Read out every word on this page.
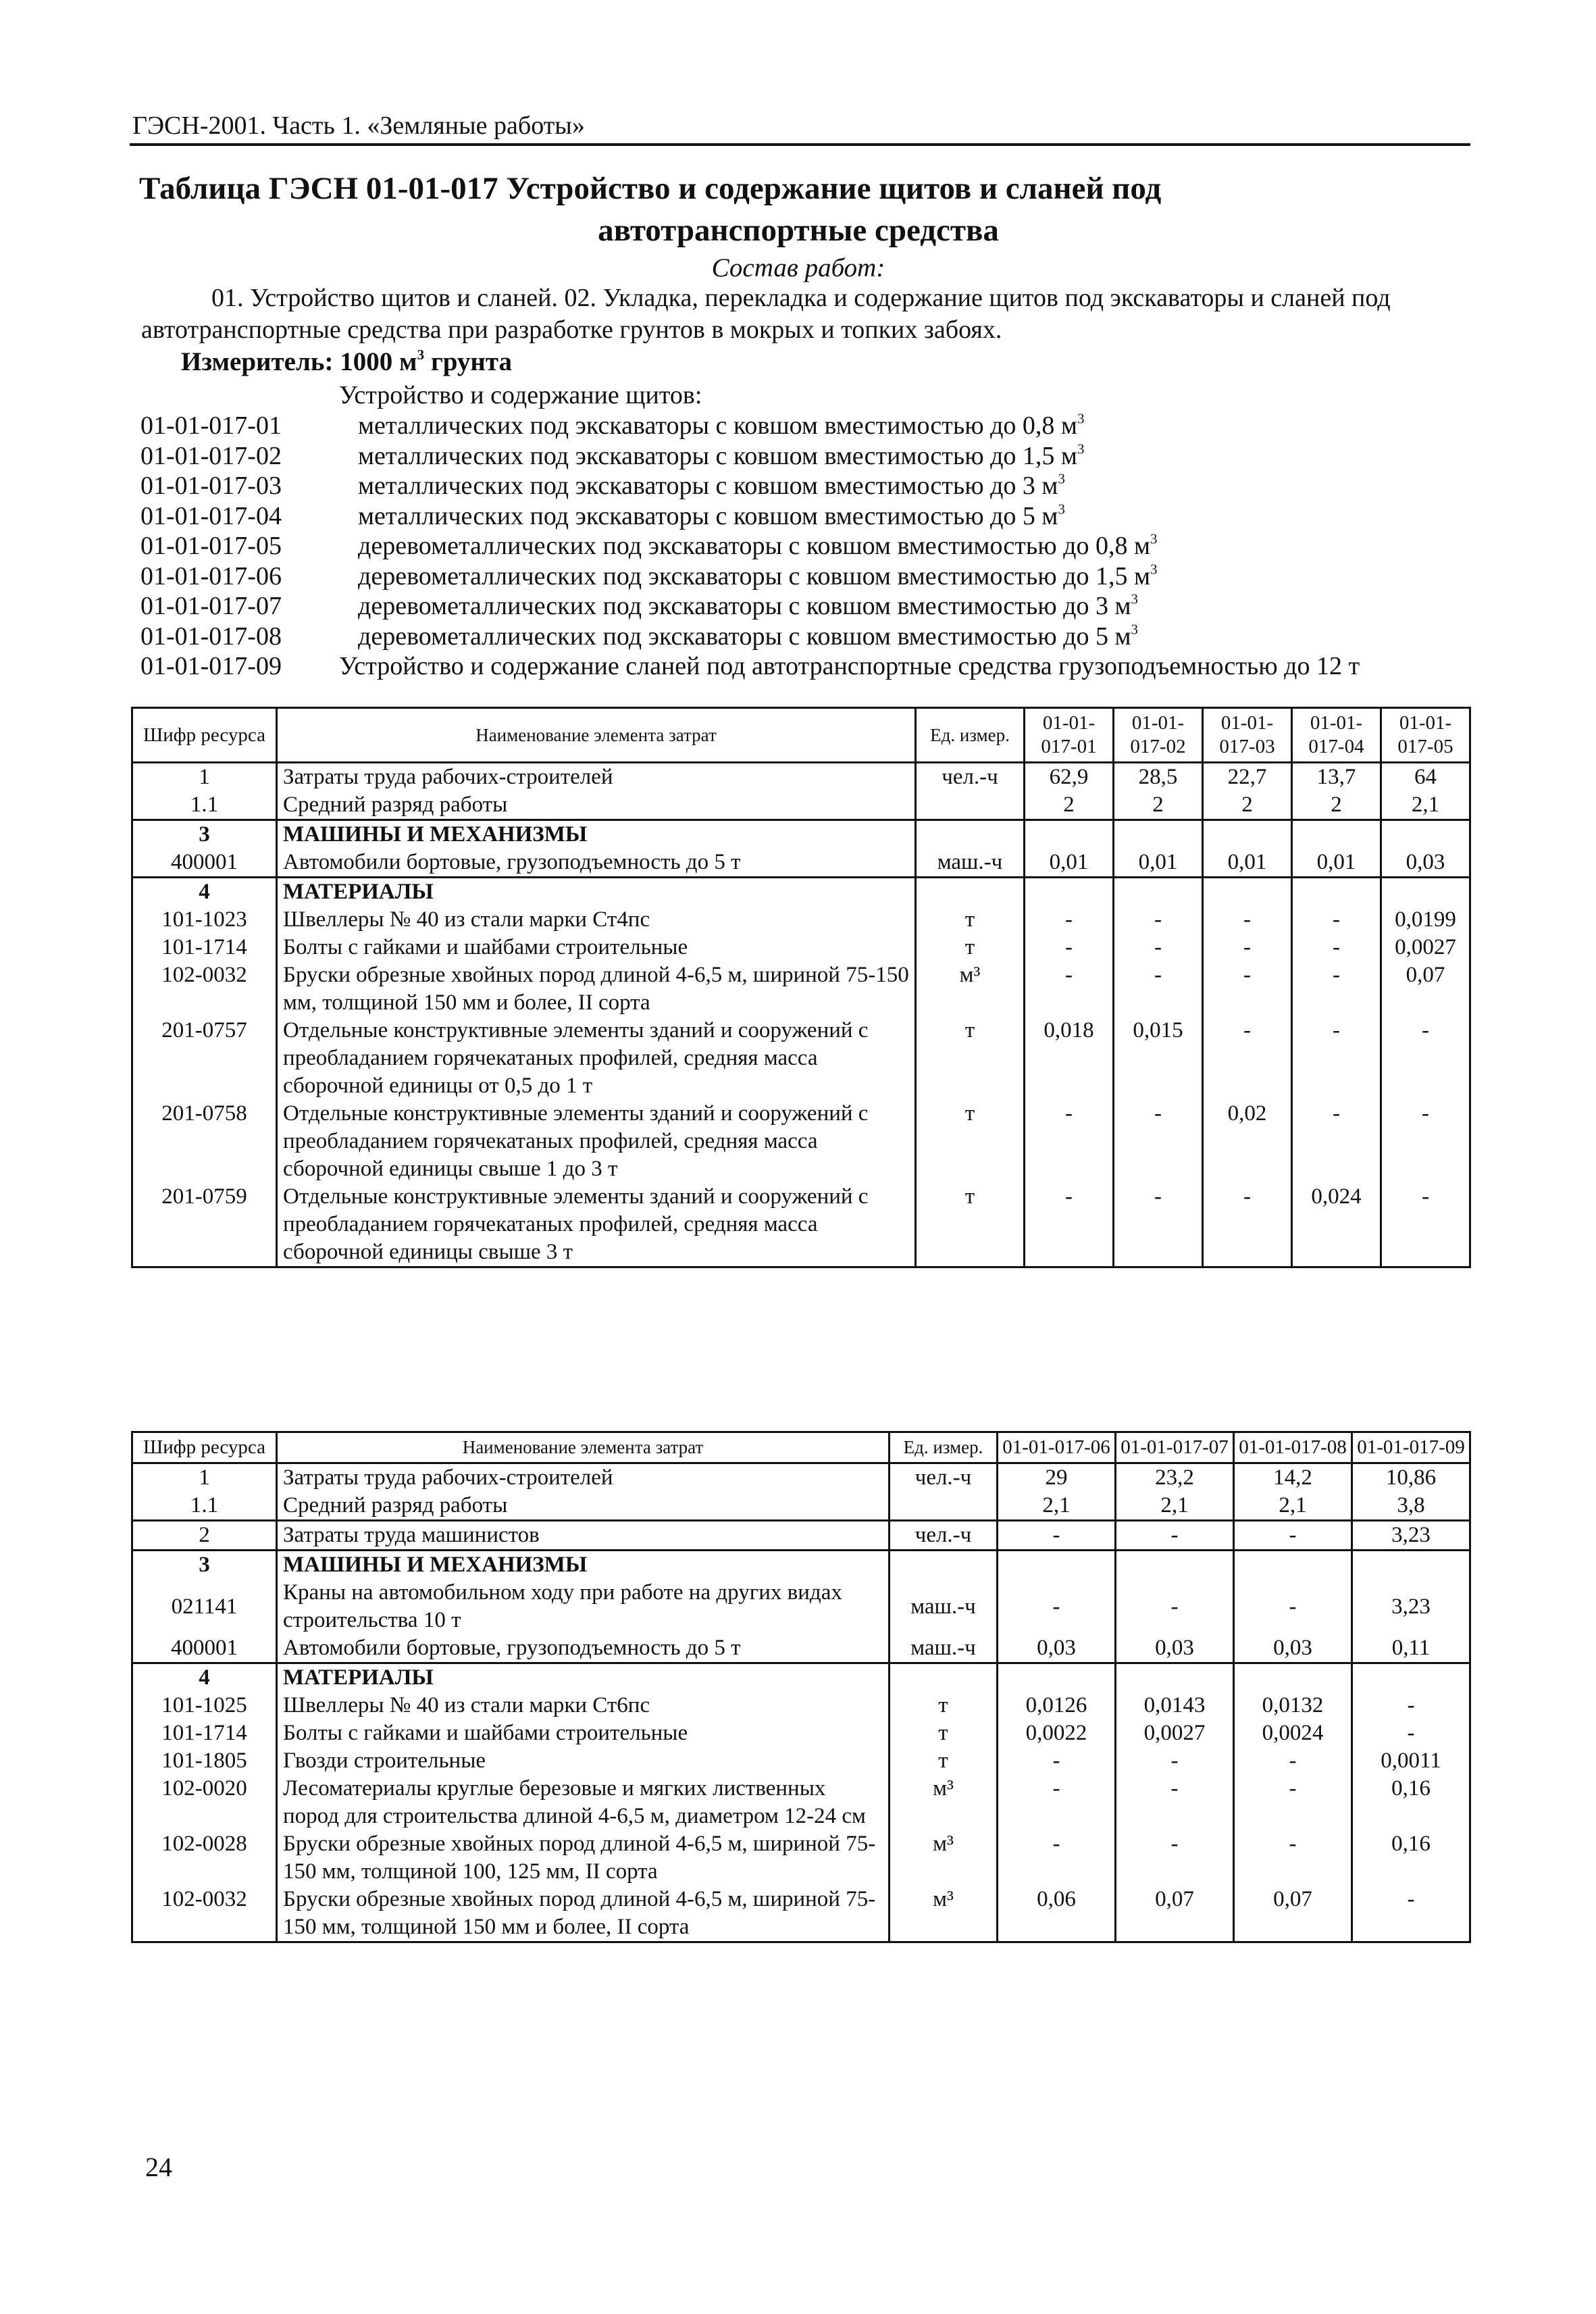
ГЭСН-2001. Часть 1. «Земляные работы»
Таблица ГЭСН 01-01-017 Устройство и содержание щитов и сланей под
автотранспортные средства
Состав работ:
01. Устройство щитов и сланей. 02. Укладка, перекладка и содержание щитов под экскаваторы и сланей под автотранспортные средства при разработке грунтов в мокрых и топких забоях.
Измеритель: 1000 $м^3$ грунта
Устройство и содержание щитов:
01-01-017-01	металлических под экскаваторы с ковшом вместимостью до 0,8 $м^3$
01-01-017-02	металлических под экскаваторы с ковшом вместимостью до 1,5 $м^3$
01-01-017-03	металлических под экскаваторы с ковшом вместимостью до 3 $м^3$
01-01-017-04	металлических под экскаваторы с ковшом вместимостью до 5 $м^3$
01-01-017-05	деревометаллических под экскаваторы с ковшом вместимостью до 0,8 $м^3$
01-01-017-06	деревометаллических под экскаваторы с ковшом вместимостью до 1,5 $м^3$
01-01-017-07	деревометаллических под экскаваторы с ковшом вместимостью до 3 $м^3$
01-01-017-08	деревометаллических под экскаваторы с ковшом вместимостью до 5 $м^3$
01-01-017-09 Устройство и содержание сланей под автотранспортные средства грузоподъемностью до 12 т
Шифр ресурса	Наименование элемента затрат	Ед. измер.	01-01-017-01	01-01-017-02	01-01-017-03	01-01-017-04	01-01-017-05
1	Затраты труда рабочих-строителей	чел.-ч	62,9	28,5	22,7	13,7	64
1.1	Средний разряд работы		2	2	2	2	2,1
3	МАШИНЫ И МЕХАНИЗМЫ						
400001	Автомобили бортовые, грузоподъемность до 5 т	маш.-ч	0,01	0,01	0,01	0,01	0,03
4	МАТЕРИАЛЫ						
101-1023	Швеллеры № 40 из стали марки Ст4пс	т	-	-	-	-	0,0199
101-1714	Болты с гайками и шайбами строительные	т	-	-	-	-	0,0027
102-0032	Бруски обрезные хвойных пород длиной 4-6,5 м, шириной 75-150 мм, толщиной 150 мм и более, II сорта	м³	-	-	-	-	0,07
201-0757	Отдельные конструктивные элементы зданий и сооружений с преобладанием горячекатаных профилей, средняя масса сборочной единицы от 0,5 до 1 т	т	0,018	0,015	-	-	-
201-0758	Отдельные конструктивные элементы зданий и сооружений с преобладанием горячекатаных профилей, средняя масса сборочной единицы свыше 1 до 3 т	т	-	-	0,02	-	-
201-0759	Отдельные конструктивные элементы зданий и сооружений с преобладанием горячекатаных профилей, средняя масса сборочной единицы свыше 3 т	т	-	-	-	0,024	-
Шифр ресурса	Наименование элемента затрат	Ед. измер.	01-01-017-06	01-01-017-07	01-01-017-08	01-01-017-09
1	Затраты труда рабочих-строителей	чел.-ч	29	23,2	14,2	10,86
1.1	Средний разряд работы		2,1	2,1	2,1	3,8
2	Затраты труда машинистов	чел.-ч	-	-	-	3,23
3	МАШИНЫ И МЕХАНИЗМЫ					
021141	Краны на автомобильном ходу при работе на других видах строительства 10 т	маш.-ч	-	-	-	3,23
400001	Автомобили бортовые, грузоподъемность до 5 т	маш.-ч	0,03	0,03	0,03	0,11
4	МАТЕРИАЛЫ					
101-1025	Швеллеры № 40 из стали марки Ст6пс	т	0,0126	0,0143	0,0132	-
101-1714	Болты с гайками и шайбами строительные	т	0,0022	0,0027	0,0024	-
101-1805	Гвозди строительные	т	-	-	-	0,0011
102-0020	Лесоматериалы круглые березовые и мягких лиственных пород для строительства длиной 4-6,5 м, диаметром 12-24 см	м³	-	-	-	0,16
102-0028	Бруски обрезные хвойных пород длиной 4-6,5 м, шириной 75-150 мм, толщиной 100, 125 мм, II сорта	м³	-	-	-	0,16
102-0032	Бруски обрезные хвойных пород длиной 4-6,5 м, шириной 75-150 мм, толщиной 150 мм и более, II сорта	м³	0,06	0,07	0,07	-
24
